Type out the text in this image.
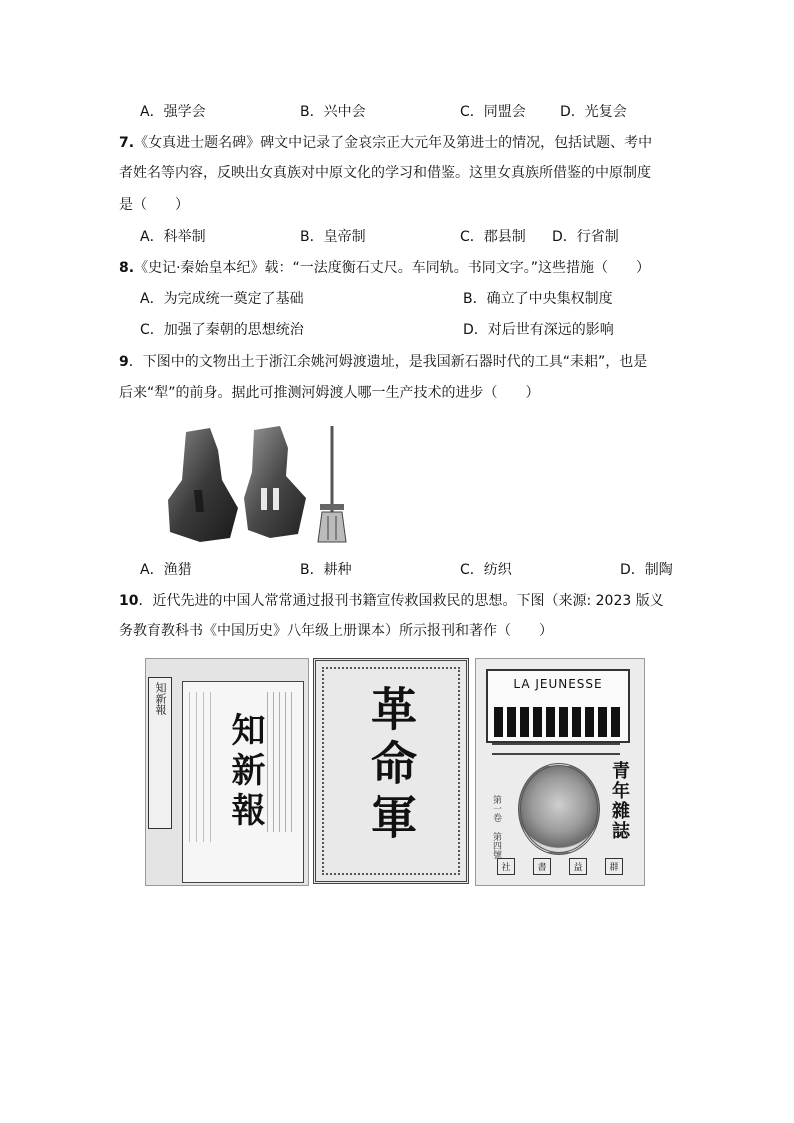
A．强学会	B．兴中会	C．同盟会 D．光复会
7.《女真进士题名碑》碑文中记录了金哀宗正大元年及第进士的情况，包括试题、考中
者姓名等内容，反映出女真族对中原文化的学习和借鉴。这里女真族所借鉴的中原制度
是（　　）
A．科举制	B．皇帝制	C．郡县制 D．行省制
8.《史记·秦始皇本纪》载：“一法度衡石丈尺。车同轨。书同文字。”这些措施（　　）
A．为完成统一奠定了基础	B．确立了中央集权制度
C．加强了秦朝的思想统治	D．对后世有深远的影响
9．下图中的文物出土于浙江余姚河姆渡遗址，是我国新石器时代的工具“耒耜”，也是
后来“犁”的前身。据此可推测河姆渡人哪一生产技术的进步（　　）
A．渔猎	B．耕种	C．纺织	D．制陶
10．近代先进的中国人常常通过报刊书籍宣传救国救民的思想。下图（来源: 2023 版义
务教育教科书《中国历史》八年级上册课本）所示报刊和著作（　　）
知新報
知新報 革命軍
LA JEUNESSE
青年雜誌
第一卷 第四號
社	書	益	群
